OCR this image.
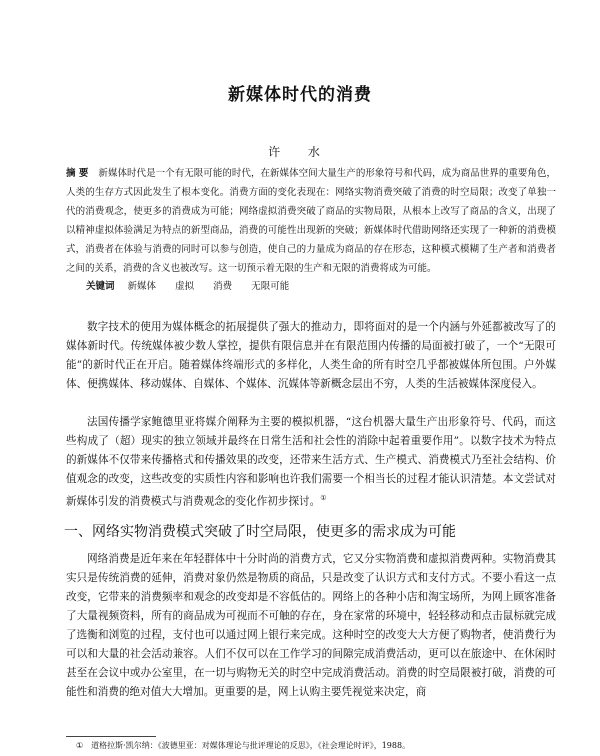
新媒体时代的消费
许 水
摘 要 新媒体时代是一个有无限可能的时代，在新媒体空间大量生产的形象符号和代码，成为商品世界的重要角色，人类的生存方式因此发生了根本变化。消费方面的变化表现在：网络实物消费突破了消费的时空局限；改变了单独一代的消费观念，使更多的消费成为可能；网络虚拟消费突破了商品的实物局限，从根本上改写了商品的含义，出现了以精神虚拟体验满足为特点的新型商品，消费的可能性出现新的突破；新媒体时代借助网络还实现了一种新的消费模式，消费者在体验与消费的同时可以参与创造，使自己的力量成为商品的存在形态，这种模式模糊了生产者和消费者之间的关系，消费的含义也被改写。这一切预示着无限的生产和无限的消费将成为可能。
关键词 新媒体 虚拟 消费 无限可能

数字技术的使用为媒体概念的拓展提供了强大的推动力，即将面对的是一个内涵与外延都被改写了的媒体新时代。传统媒体被少数人掌控，提供有限信息并在有限范围内传播的局面被打破了，一个“无限可能”的新时代正在开启。随着媒体终端形式的多样化，人类生命的所有时空几乎都被媒体所包围。户外媒体、便携媒体、移动媒体、自媒体、个媒体、沉媒体等新概念层出不穷，人类的生活被媒体深度侵入。

法国传播学家鲍德里亚将媒介阐释为主要的模拟机器，“这台机器大量生产出形象符号、代码，而这些构成了（超）现实的独立领域并最终在日常生活和社会性的消除中起着重要作用”。以数字技术为特点的新媒体不仅带来传播格式和传播效果的改变，还带来生活方式、生产模式、消费模式乃至社会结构、价值观念的改变，这些改变的实质性内容和影响也许我们需要一个相当长的过程才能认识清楚。本文尝试对新媒体引发的消费模式与消费观念的变化作初步探讨。①

一、网络实物消费模式突破了时空局限，使更多的需求成为可能

网络消费是近年来在年轻群体中十分时尚的消费方式，它又分实物消费和虚拟消费两种。实物消费其实只是传统消费的延伸，消费对象仍然是物质的商品，只是改变了认识方式和支付方式。不要小看这一点改变，它带来的消费频率和观念的改变却是不容低估的。网络上的各种小店和淘宝场所，为网上顾客准备了大量视频资料，所有的商品成为可视而不可触的存在，身在家常的环境中，轻轻移动和点击鼠标就完成了选衡和浏览的过程，支付也可以通过网上银行来完成。这种时空的改变大大方便了购物者，使消费行为可以和大量的社会活动兼容。人们不仅可以在工作学习的间隙完成消费活动，更可以在旅途中、在休闲时甚至在会议中或办公室里，在一切与购物无关的时空中完成消费活动。消费的时空局限被打破，消费的可能性和消费的绝对值大大增加。更重要的是，网上认购主要凭视觉来决定，商

① 道格拉斯·凯尔纳：《波德里亚：对媒体理论与批评理论的反思》，《社会理论时评》，1988。
